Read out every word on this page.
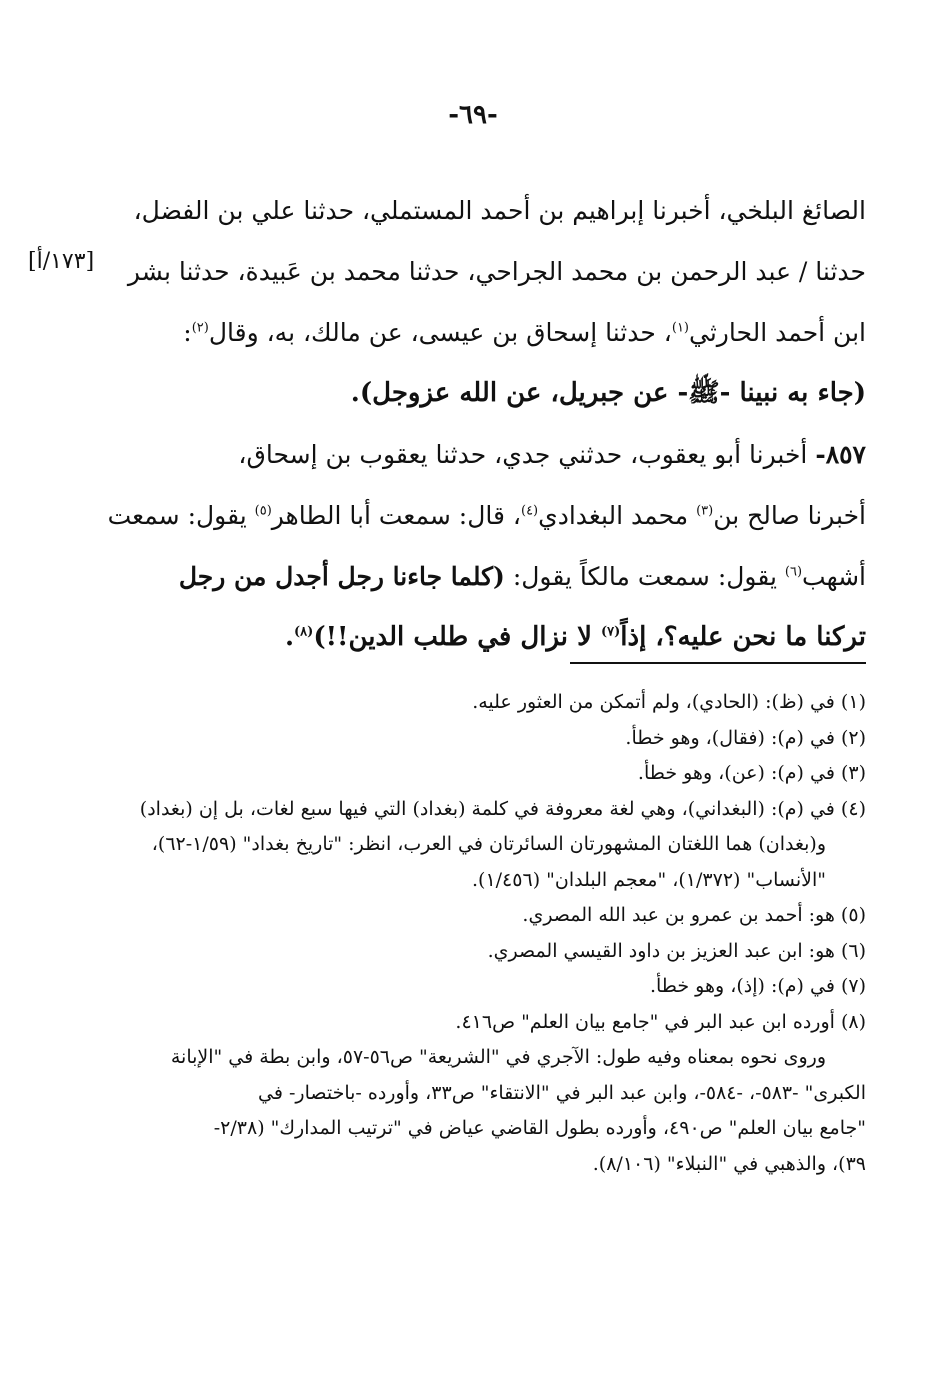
-٦٩-
[١٧٣/أ]
الصائغ البلخي، أخبرنا إبراهيم بن أحمد المستملي، حدثنا علي بن الفضل،
حدثنا / عبد الرحمن بن محمد الجراحي، حدثنا محمد بن عَبيدة، حدثنا بشر
ابن أحمد الحارثي$^{(١)}$، حدثنا إسحاق بن عيسى، عن مالك، به، وقال$^{(٢)}$:
(جاء به نبينا -ﷺ- عن جبريل، عن الله عزوجل).
٨٥٧- أخبرنا أبو يعقوب، حدثني جدي، حدثنا يعقوب بن إسحاق،
أخبرنا صالح بن$^{(٣)}$ محمد البغدادي$^{(٤)}$، قال: سمعت أبا الطاهر$^{(٥)}$ يقول: سمعت
أشهب$^{(٦)}$ يقول: سمعت مالكاً يقول: (كلما جاءنا رجل أجدل من رجل
تركنا ما نحن عليه؟، إذاً$^{(٧)}$ لا نزال في طلب الدين!!)$^{(٨)}$.
(١) في (ظ): (الحادي)، ولم أتمكن من العثور عليه.
(٢) في (م): (فقال)، وهو خطأ.
(٣) في (م): (عن)، وهو خطأ.
(٤) في (م): (البغداني)، وهي لغة معروفة في كلمة (بغداد) التي فيها سبع لغات، بل إن (بغداد)
و(بغدان) هما اللغتان المشهورتان السائرتان في العرب، انظر: "تاريخ بغداد" (١/٥٩-٦٢)،
"الأنساب" (١/٣٧٢)، "معجم البلدان" (١/٤٥٦).
(٥) هو: أحمد بن عمرو بن عبد الله المصري.
(٦) هو: ابن عبد العزيز بن داود القيسي المصري.
(٧) في (م): (إذ)، وهو خطأ.
(٨) أورده ابن عبد البر في "جامع بيان العلم" ص٤١٦.
وروى نحوه بمعناه وفيه طول: الآجري في "الشريعة" ص٥٦-٥٧، وابن بطة في "الإبانة
الكبرى" -٥٨٣-، -٥٨٤-، وابن عبد البر في "الانتقاء" ص٣٣، وأورده -باختصار- في
"جامع بيان العلم" ص٤٩٠، وأورده بطول القاضي عياض في "ترتيب المدارك" (٢/٣٨-
٣٩)، والذهبي في "النبلاء" (٨/١٠٦).
